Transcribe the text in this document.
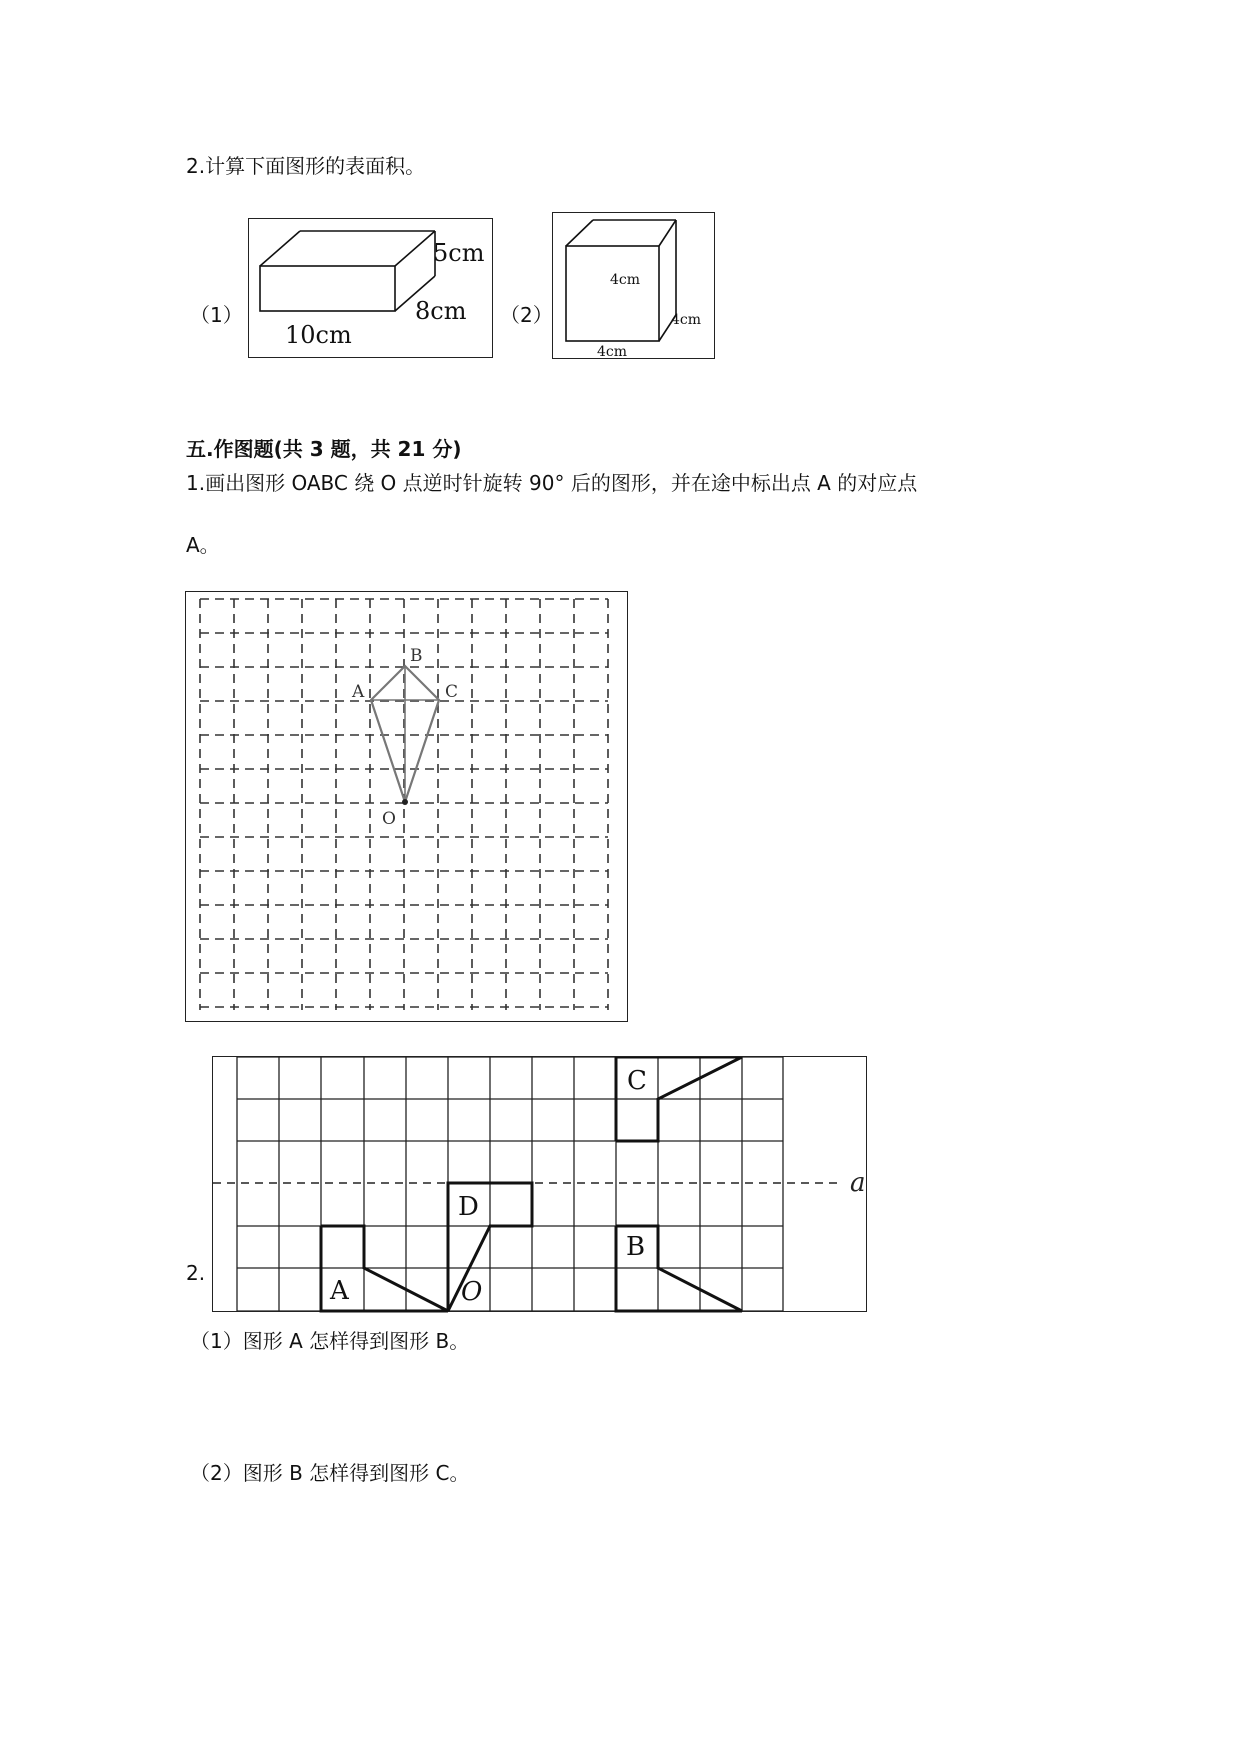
2.计算下面图形的表面积。
（1）
5cm
8cm
10cm
（2）
4cm
4cm
4cm
五.作图题(共 3 题，共 21 分)
1.画出图形 OABC 绕 O 点逆时针旋转 90° 后的图形，并在途中标出点 A 的对应点
A。
A
B
C
O
2.
a
A
B
C
D
O
（1）图形 A 怎样得到图形 B。
（2）图形 B 怎样得到图形 C。
